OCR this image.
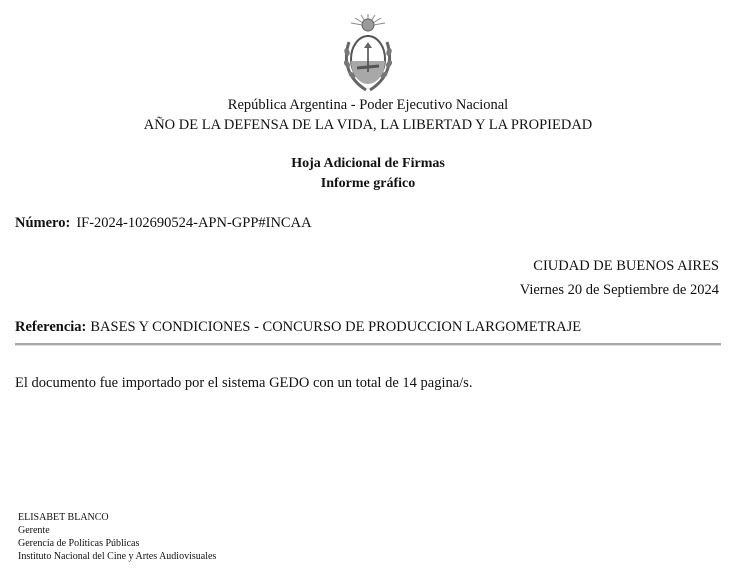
República Argentina - Poder Ejecutivo Nacional
AÑO DE LA DEFENSA DE LA VIDA, LA LIBERTAD Y LA PROPIEDAD
Hoja Adicional de Firmas
Informe gráfico
Número: IF-2024-102690524-APN-GPP#INCAA
CIUDAD DE BUENOS AIRES
Viernes 20 de Septiembre de 2024
Referencia: BASES Y CONDICIONES - CONCURSO DE PRODUCCION LARGOMETRAJE
El documento fue importado por el sistema GEDO con un total de 14 pagina/s.
ELISABET BLANCO
Gerente
Gerencia de Políticas Públicas
Instituto Nacional del Cine y Artes Audiovisuales
